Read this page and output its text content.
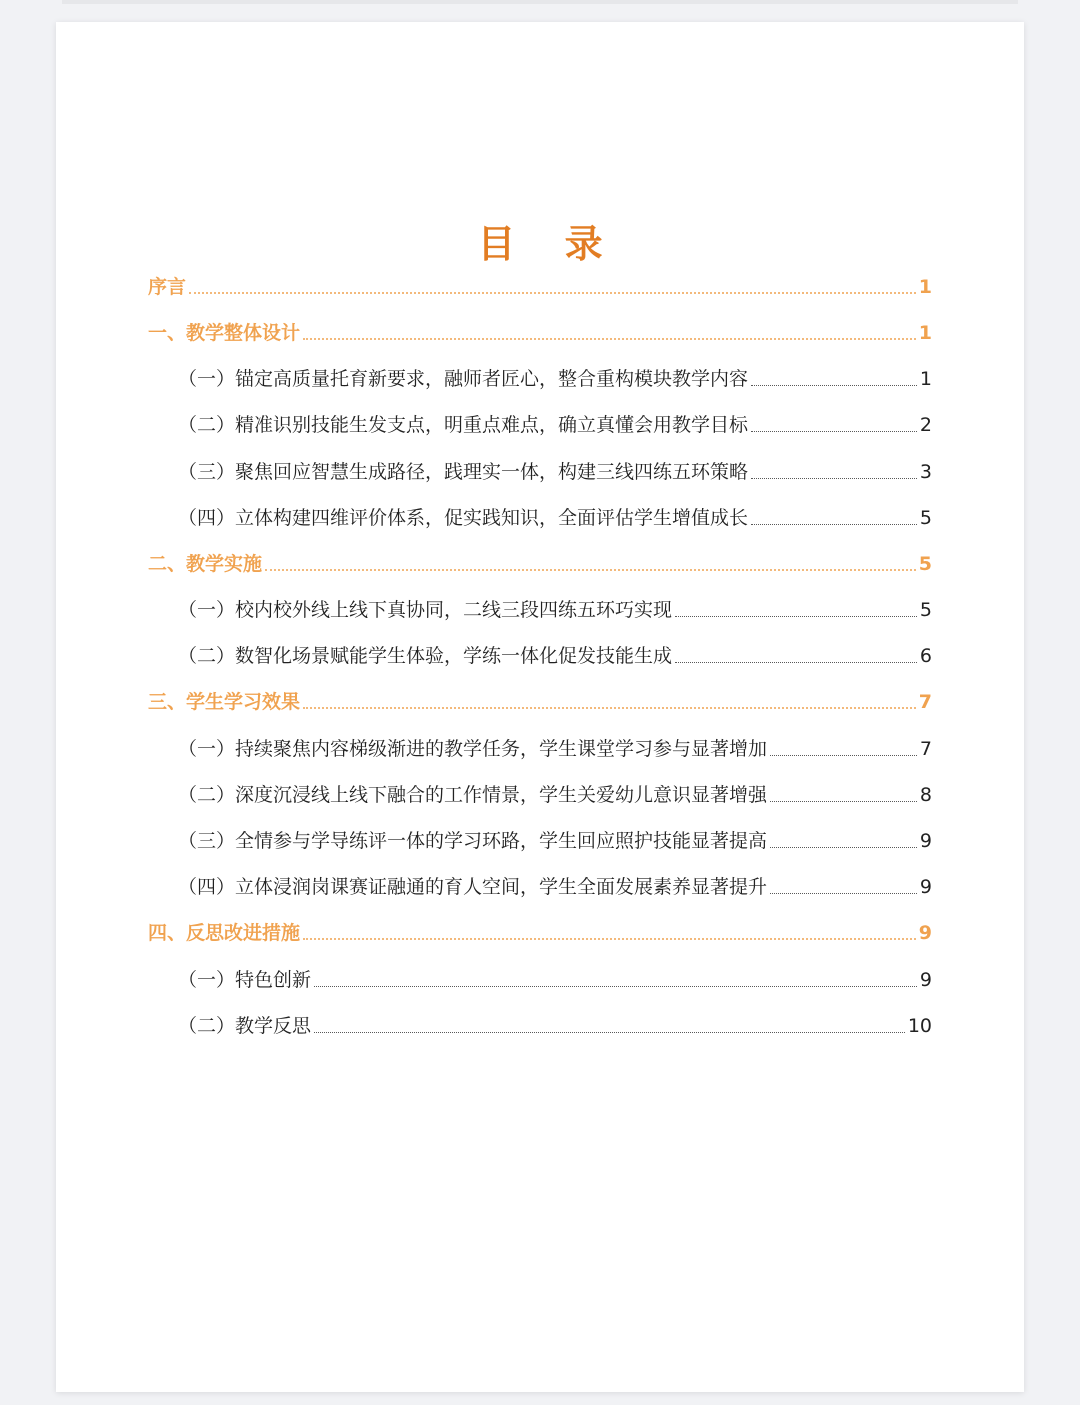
目 录
序言	1
一、教学整体设计	1
（一）锚定高质量托育新要求，融师者匠心，整合重构模块教学内容	1
（二）精准识别技能生发支点，明重点难点，确立真懂会用教学目标	2
（三）聚焦回应智慧生成路径，践理实一体，构建三线四练五环策略	3
（四）立体构建四维评价体系，促实践知识，全面评估学生增值成长	5
二、教学实施	5
（一）校内校外线上线下真协同，二线三段四练五环巧实现	5
（二）数智化场景赋能学生体验，学练一体化促发技能生成	6
三、学生学习效果	7
（一）持续聚焦内容梯级渐进的教学任务，学生课堂学习参与显著增加	7
（二）深度沉浸线上线下融合的工作情景，学生关爱幼儿意识显著增强	8
（三）全情参与学导练评一体的学习环路，学生回应照护技能显著提高	9
（四）立体浸润岗课赛证融通的育人空间，学生全面发展素养显著提升	9
四、反思改进措施	9
（一）特色创新	9
（二）教学反思	10
